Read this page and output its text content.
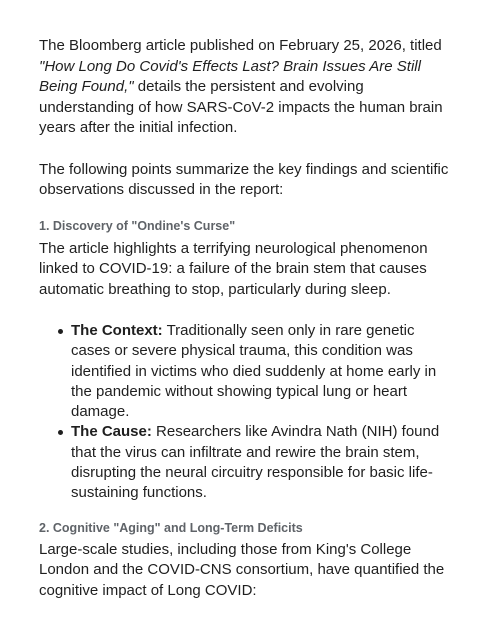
The Bloomberg article published on February 25, 2026, titled "How Long Do Covid's Effects Last? Brain Issues Are Still Being Found," details the persistent and evolving understanding of how SARS-CoV-2 impacts the human brain years after the initial infection.

The following points summarize the key findings and scientific observations discussed in the report:

1. Discovery of "Ondine's Curse"

The article highlights a terrifying neurological phenomenon linked to COVID-19: a failure of the brain stem that causes automatic breathing to stop, particularly during sleep.

The Context: Traditionally seen only in rare genetic cases or severe physical trauma, this condition was identified in victims who died suddenly at home early in the pandemic without showing typical lung or heart damage.
The Cause: Researchers like Avindra Nath (NIH) found that the virus can infiltrate and rewire the brain stem, disrupting the neural circuitry responsible for basic life-sustaining functions.
2. Cognitive "Aging" and Long-Term Deficits

Large-scale studies, including those from King's College London and the COVID-CNS consortium, have quantified the cognitive impact of Long COVID:
